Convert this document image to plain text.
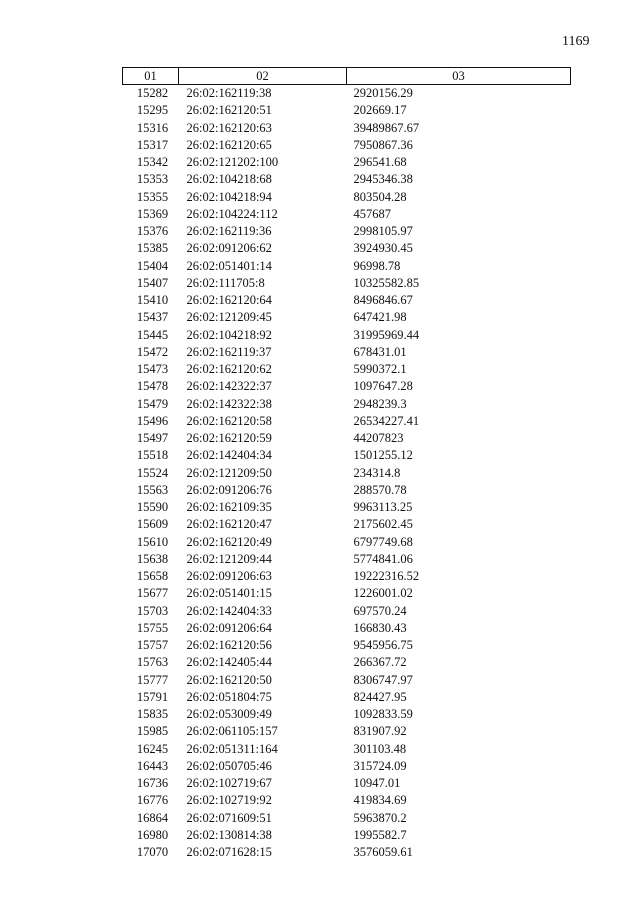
1169
01	02	03
15282	26:02:162119:38	2920156.29
15295	26:02:162120:51	202669.17
15316	26:02:162120:63	39489867.67
15317	26:02:162120:65	7950867.36
15342	26:02:121202:100	296541.68
15353	26:02:104218:68	2945346.38
15355	26:02:104218:94	803504.28
15369	26:02:104224:112	457687
15376	26:02:162119:36	2998105.97
15385	26:02:091206:62	3924930.45
15404	26:02:051401:14	96998.78
15407	26:02:111705:8	10325582.85
15410	26:02:162120:64	8496846.67
15437	26:02:121209:45	647421.98
15445	26:02:104218:92	31995969.44
15472	26:02:162119:37	678431.01
15473	26:02:162120:62	5990372.1
15478	26:02:142322:37	1097647.28
15479	26:02:142322:38	2948239.3
15496	26:02:162120:58	26534227.41
15497	26:02:162120:59	44207823
15518	26:02:142404:34	1501255.12
15524	26:02:121209:50	234314.8
15563	26:02:091206:76	288570.78
15590	26:02:162109:35	9963113.25
15609	26:02:162120:47	2175602.45
15610	26:02:162120:49	6797749.68
15638	26:02:121209:44	5774841.06
15658	26:02:091206:63	19222316.52
15677	26:02:051401:15	1226001.02
15703	26:02:142404:33	697570.24
15755	26:02:091206:64	166830.43
15757	26:02:162120:56	9545956.75
15763	26:02:142405:44	266367.72
15777	26:02:162120:50	8306747.97
15791	26:02:051804:75	824427.95
15835	26:02:053009:49	1092833.59
15985	26:02:061105:157	831907.92
16245	26:02:051311:164	301103.48
16443	26:02:050705:46	315724.09
16736	26:02:102719:67	10947.01
16776	26:02:102719:92	419834.69
16864	26:02:071609:51	5963870.2
16980	26:02:130814:38	1995582.7
17070	26:02:071628:15	3576059.61
